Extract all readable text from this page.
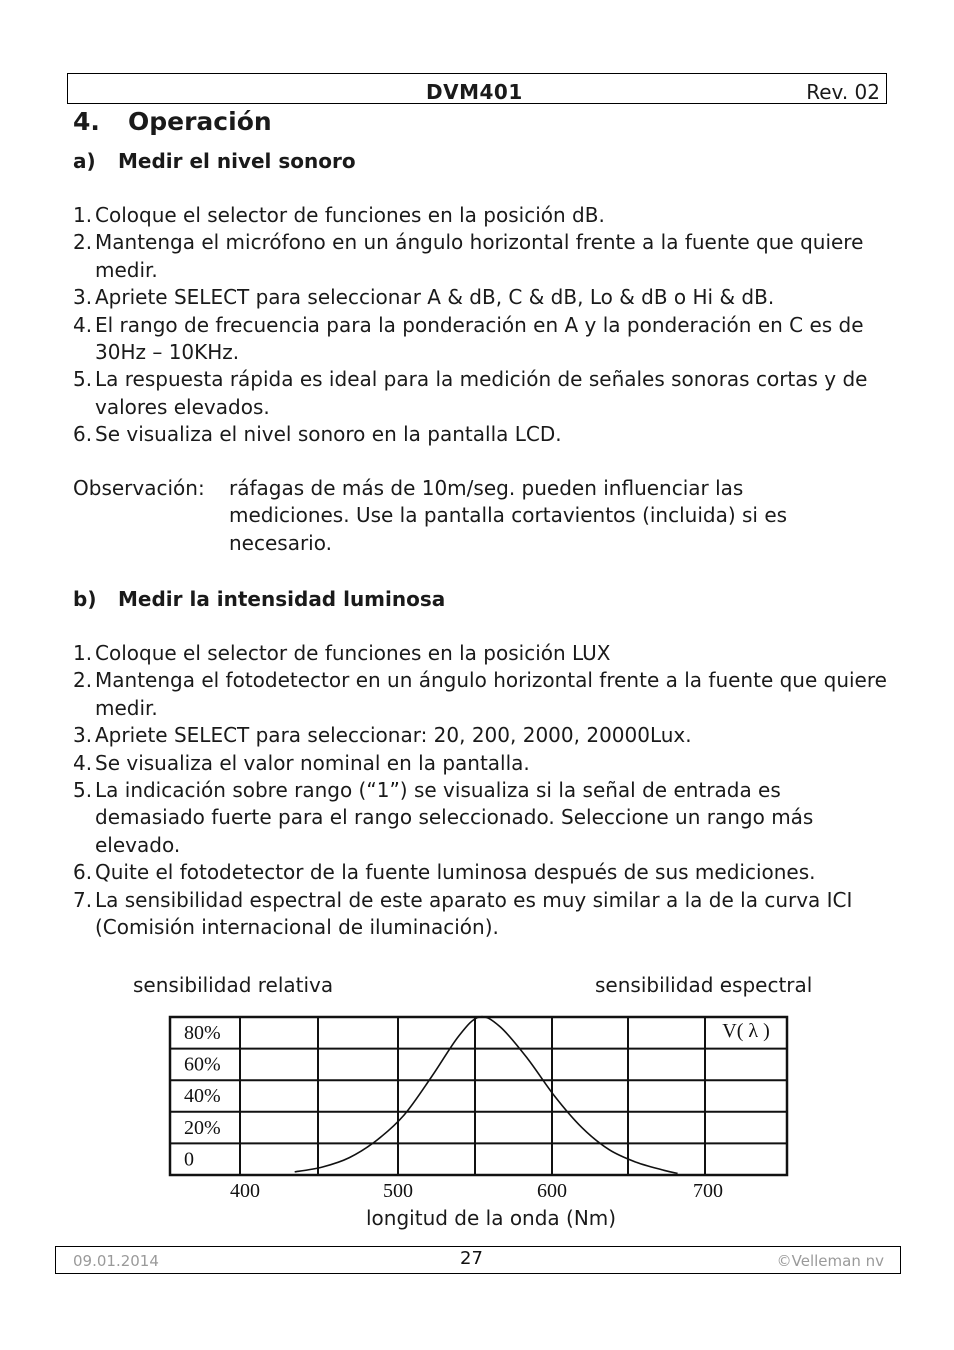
DVM401	Rev. 02
4. Operación
a) Medir el nivel sonoro
1. Coloque el selector de funciones en la posición dB.
2. Mantenga el micrófono en un ángulo horizontal frente a la fuente que quiere medir.
3. Apriete SELECT para seleccionar A & dB, C & dB, Lo & dB o Hi & dB.
4. El rango de frecuencia para la ponderación en A y la ponderación en C es de 30Hz – 10KHz.
5. La respuesta rápida es ideal para la medición de señales sonoras cortas y de valores elevados.
6. Se visualiza el nivel sonoro en la pantalla LCD.
Observación: ráfagas de más de 10m/seg. pueden influenciar las mediciones. Use la pantalla cortavientos (incluida) si es necesario.
b) Medir la intensidad luminosa
1. Coloque el selector de funciones en la posición LUX
2. Mantenga el fotodetector en un ángulo horizontal frente a la fuente que quiere medir.
3. Apriete SELECT para seleccionar: 20, 200, 2000, 20000Lux.
4. Se visualiza el valor nominal en la pantalla.
5. La indicación sobre rango (“1”) se visualiza si la señal de entrada es demasiado fuerte para el rango seleccionado. Seleccione un rango más elevado.
6. Quite el fotodetector de la fuente luminosa después de sus mediciones.
7. La sensibilidad espectral de este aparato es muy similar a la de la curva ICI (Comisión internacional de iluminación).
sensibilidad relativa	sensibilidad espectral
80%
60%
40%
20%
0
400	500	600	700
V( λ )
longitud de la onda (Nm)
09.01.2014	27	©Velleman nv
